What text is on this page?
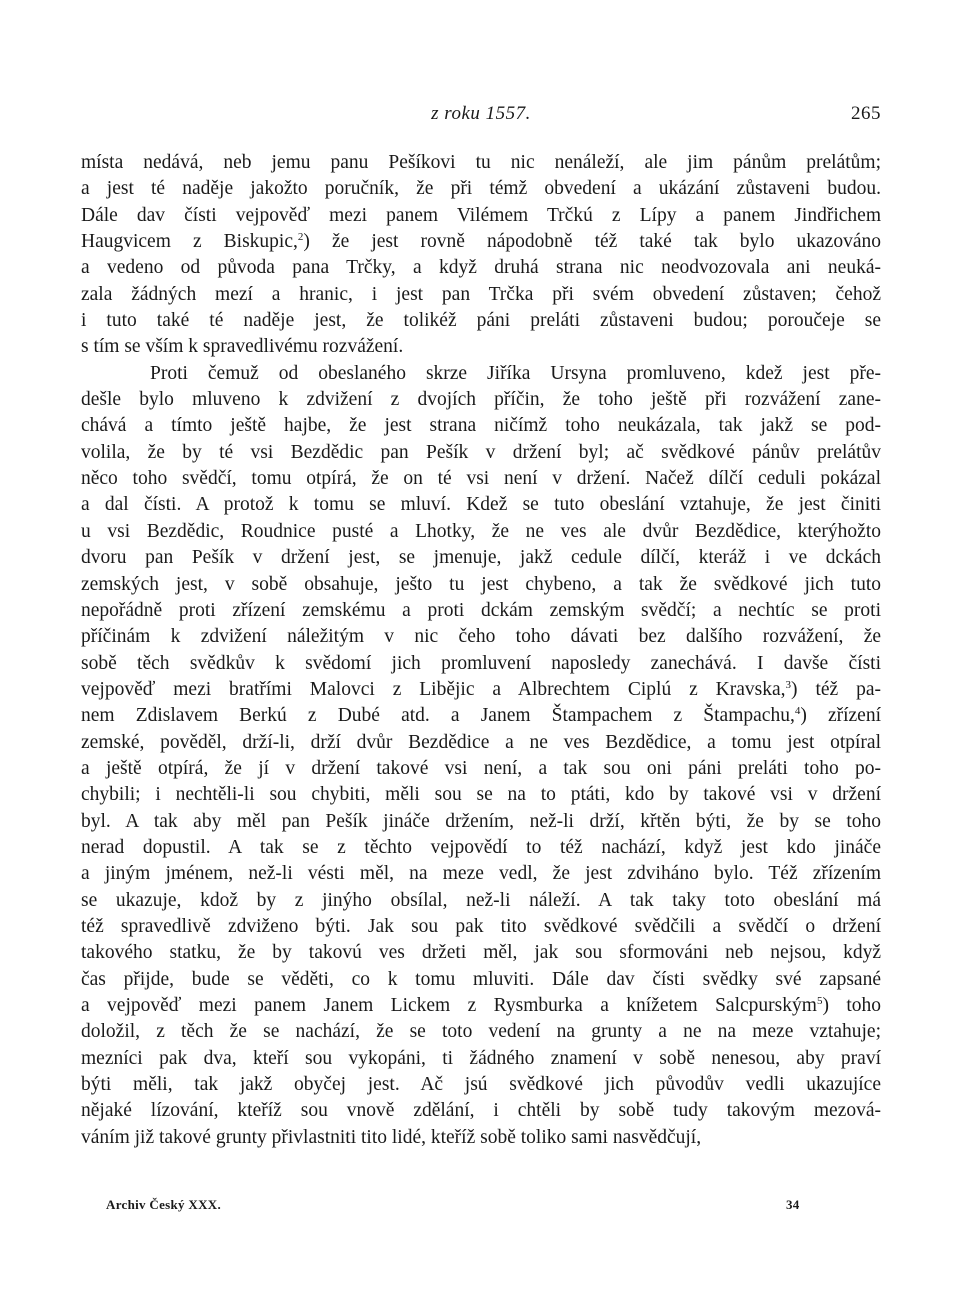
z roku 1557.	265
místa nedává, neb jemu panu Pešíkovi tu nic nenáleží, ale jim pánům prelátům;
a jest té naděje jakožto poručník, že při témž obvedení a ukázání zůstaveni budou.
Dále dav čísti vejpověď mezi panem Vilémem Trčkú z Lípy a panem Jindřichem
Haugvicem z Biskupic,$^2$) že jest rovně nápodobně též také tak bylo ukazováno
a vedeno od původa pana Trčky, a když druhá strana nic neodvozovala ani neuká-
zala žádných mezí a hranic, i jest pan Trčka při svém obvedení zůstaven; čehož
i tuto také té naděje jest, že tolikéž páni preláti zůstaveni budou; poroučeje se
s tím se vším k spravedlivému rozvážení.
Proti čemuž od obeslaného skrze Jiříka Ursyna promluveno, kdež jest pře-
dešle bylo mluveno k zdvižení z dvojích příčin, že toho ještě při rozvážení zane-
chává a tímto ještě hajbe, že jest strana ničímž toho neukázala, tak jakž se pod-
volila, že by té vsi Bezdědic pan Pešík v držení byl; ač svědkové pánův prelátův
něco toho svědčí, tomu otpírá, že on té vsi není v držení. Načež dílčí ceduli pokázal
a dal čísti. A protož k tomu se mluví. Kdež se tuto obeslání vztahuje, že jest činiti
u vsi Bezdědic, Roudnice pusté a Lhotky, že ne ves ale dvůr Bezdědice, kterýhožto
dvoru pan Pešík v držení jest, se jmenuje, jakž cedule dílčí, kteráž i ve dckách
zemských jest, v sobě obsahuje, ješto tu jest chybeno, a tak že svědkové jich tuto
nepořádně proti zřízení zemskému a proti dckám zemským svědčí; a nechtíc se proti
příčinám k zdvižení náležitým v nic čeho toho dávati bez dalšího rozvážení, že
sobě těch svědkův k svědomí jich promluvení naposledy zanechává. I davše čísti
vejpověď mezi bratřími Malovci z Libějic a Albrechtem Ciplú z Kravska,$^3$) též pa-
nem Zdislavem Berkú z Dubé atd. a Janem Štampachem z Štampachu,$^4$) zřízení
zemské, pověděl, drží-li, drží dvůr Bezdědice a ne ves Bezdědice, a tomu jest otpíral
a ještě otpírá, že jí v držení takové vsi není, a tak sou oni páni preláti toho po-
chybili; i nechtěli-li sou chybiti, měli sou se na to ptáti, kdo by takové vsi v držení
byl. A tak aby měl pan Pešík jináče držením, než-li drží, křtěn býti, že by se toho
nerad dopustil. A tak se z těchto vejpovědí to též nachází, když jest kdo jináče
a jiným jménem, než-li vésti měl, na meze vedl, že jest zdviháno bylo. Též zřízením
se ukazuje, kdož by z jinýho obsílal, než-li náleží. A tak taky toto obeslání má
též spravedlivě zdviženo býti. Jak sou pak tito svědkové svědčili a svědčí o držení
takového statku, že by takovú ves držeti měl, jak sou sformováni neb nejsou, když
čas přijde, bude se věděti, co k tomu mluviti. Dále dav čísti svědky své zapsané
a vejpověď mezi panem Janem Lickem z Rysmburka a knížetem Salcpurským$^5$) toho
doložil, z těch že se nachází, že se toto vedení na grunty a ne na meze vztahuje;
mezníci pak dva, kteří sou vykopáni, ti žádného znamení v sobě nenesou, aby praví
býti měli, tak jakž obyčej jest. Ač jsú svědkové jich původův vedli ukazujíce
nějaké lízování, kteříž sou vnově zdělání, i chtěli by sobě tudy takovým mezová-
váním již takové grunty přivlastniti tito lidé, kteříž sobě toliko sami nasvědčují,
Archiv Český XXX.	34
